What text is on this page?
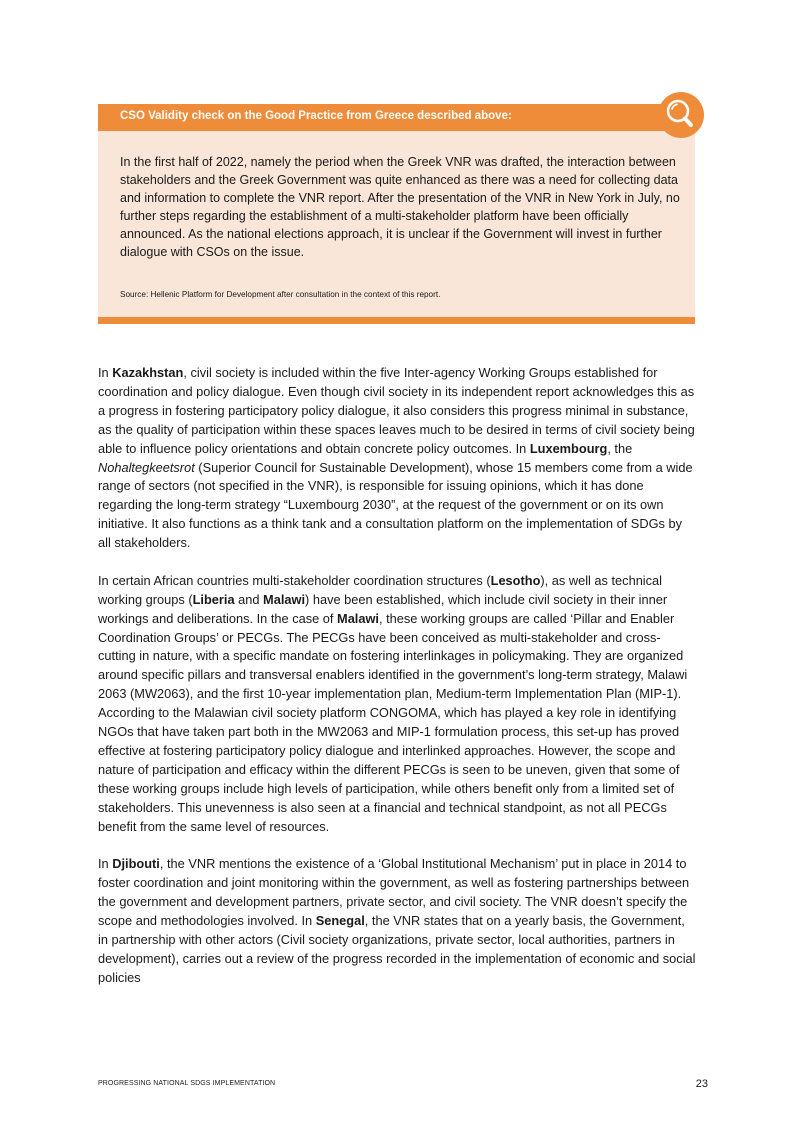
CSO Validity check on the Good Practice from Greece described above:

In the first half of 2022, namely the period when the Greek VNR was drafted, the interaction between stakeholders and the Greek Government was quite enhanced as there was a need for collecting data and information to complete the VNR report. After the presentation of the VNR in New York in July, no further steps regarding the establishment of a multi-stakeholder platform have been officially announced. As the national elections approach, it is unclear if the Government will invest in further dialogue with CSOs on the issue.

Source: Hellenic Platform for Development after consultation in the context of this report.

In Kazakhstan, civil society is included within the five Inter-agency Working Groups established for coordination and policy dialogue. Even though civil society in its independent report acknowledges this as a progress in fostering participatory policy dialogue, it also considers this progress minimal in substance, as the quality of participation within these spaces leaves much to be desired in terms of civil society being able to influence policy orientations and obtain concrete policy outcomes. In Luxembourg, the Nohaltegkeetsrot (Superior Council for Sustainable Development), whose 15 members come from a wide range of sectors (not specified in the VNR), is responsible for issuing opinions, which it has done regarding the long-term strategy “Luxembourg 2030”, at the request of the government or on its own initiative. It also functions as a think tank and a consultation platform on the implementation of SDGs by all stakeholders.

In certain African countries multi-stakeholder coordination structures (Lesotho), as well as technical working groups (Liberia and Malawi) have been established, which include civil society in their inner workings and deliberations. In the case of Malawi, these working groups are called ‘Pillar and Enabler Coordination Groups’ or PECGs. The PECGs have been conceived as multi-stakeholder and cross-cutting in nature, with a specific mandate on fostering interlinkages in policymaking. They are organized around specific pillars and transversal enablers identified in the government’s long-term strategy, Malawi 2063 (MW2063), and the first 10-year implementation plan, Medium-term Implementation Plan (MIP-1). According to the Malawian civil society platform CONGOMA, which has played a key role in identifying NGOs that have taken part both in the MW2063 and MIP-1 formulation process, this set-up has proved effective at fostering participatory policy dialogue and interlinked approaches. However, the scope and nature of participation and efficacy within the different PECGs is seen to be uneven, given that some of these working groups include high levels of participation, while others benefit only from a limited set of stakeholders. This unevenness is also seen at a financial and technical standpoint, as not all PECGs benefit from the same level of resources.

In Djibouti, the VNR mentions the existence of a ‘Global Institutional Mechanism’ put in place in 2014 to foster coordination and joint monitoring within the government, as well as fostering partnerships between the government and development partners, private sector, and civil society. The VNR doesn’t specify the scope and methodologies involved. In Senegal, the VNR states that on a yearly basis, the Government, in partnership with other actors (Civil society organizations, private sector, local authorities, partners in development), carries out a review of the progress recorded in the implementation of economic and social policies

PROGRESSING NATIONAL SDGS IMPLEMENTATION	23
